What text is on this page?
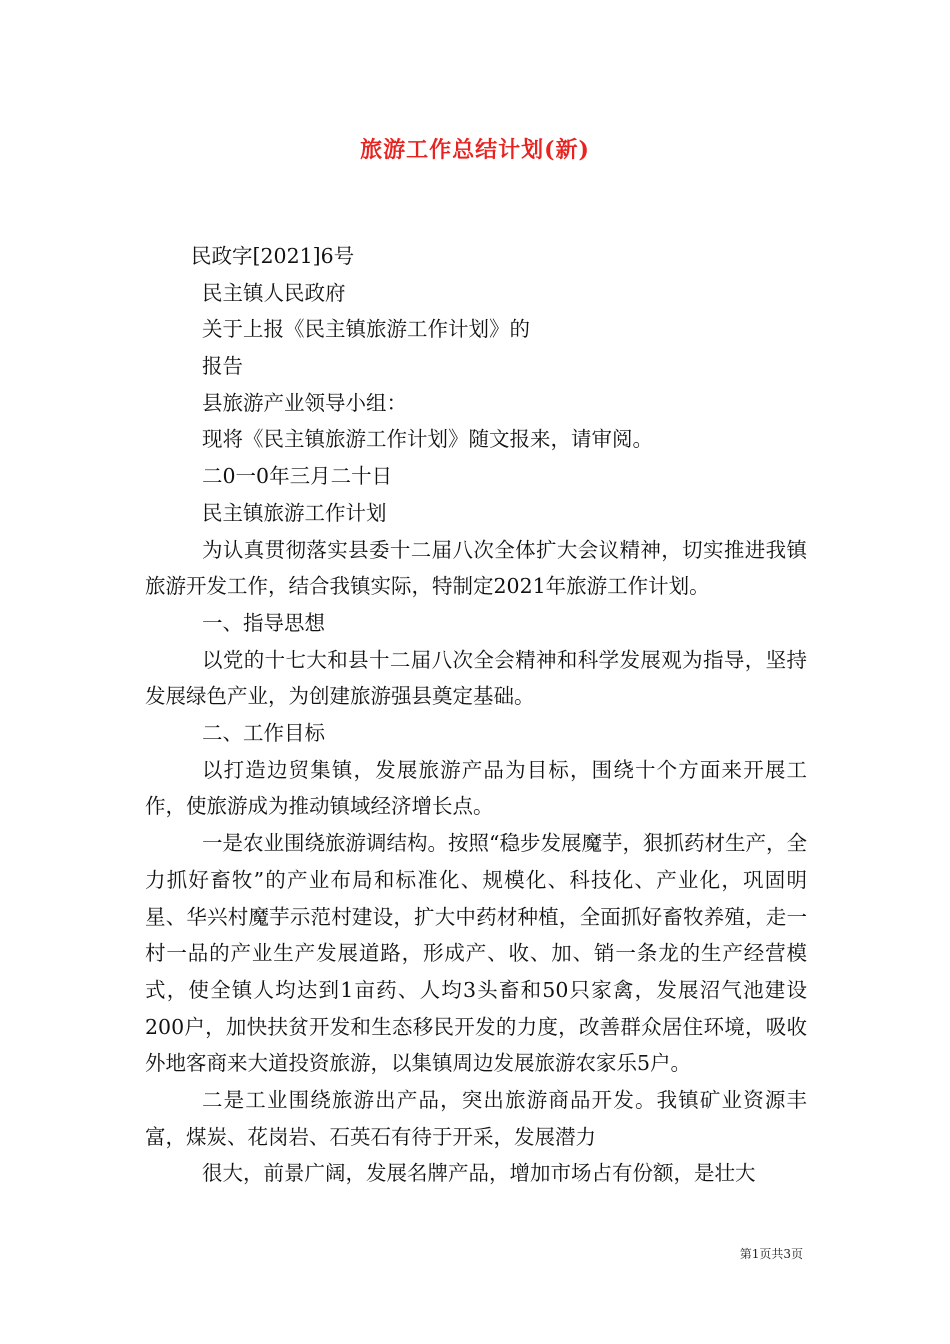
旅游工作总结计划(新)
民政字[2021]6号
民主镇人民政府
关于上报《民主镇旅游工作计划》的
报告
县旅游产业领导小组：
现将《民主镇旅游工作计划》随文报来，请审阅。
二0一0年三月二十日
民主镇旅游工作计划
为认真贯彻落实县委十二届八次全体扩大会议精神，切实推进我镇旅游开发工作，结合我镇实际，特制定2021年旅游工作计划。
一、指导思想
以党的十七大和县十二届八次全会精神和科学发展观为指导，坚持发展绿色产业，为创建旅游强县奠定基础。
二、工作目标
以打造边贸集镇，发展旅游产品为目标，围绕十个方面来开展工作，使旅游成为推动镇域经济增长点。
一是农业围绕旅游调结构。按照“稳步发展魔芋，狠抓药材生产，全力抓好畜牧”的产业布局和标准化、规模化、科技化、产业化，巩固明星、华兴村魔芋示范村建设，扩大中药材种植，全面抓好畜牧养殖，走一村一品的产业生产发展道路，形成产、收、加、销一条龙的生产经营模式，使全镇人均达到1亩药、人均3头畜和50只家禽，发展沼气池建设200户，加快扶贫开发和生态移民开发的力度，改善群众居住环境，吸收外地客商来大道投资旅游，以集镇周边发展旅游农家乐5户。
二是工业围绕旅游出产品，突出旅游商品开发。我镇矿业资源丰富，煤炭、花岗岩、石英石有待于开采，发展潜力
很大，前景广阔，发展名牌产品，增加市场占有份额，是壮大
第1页共3页
